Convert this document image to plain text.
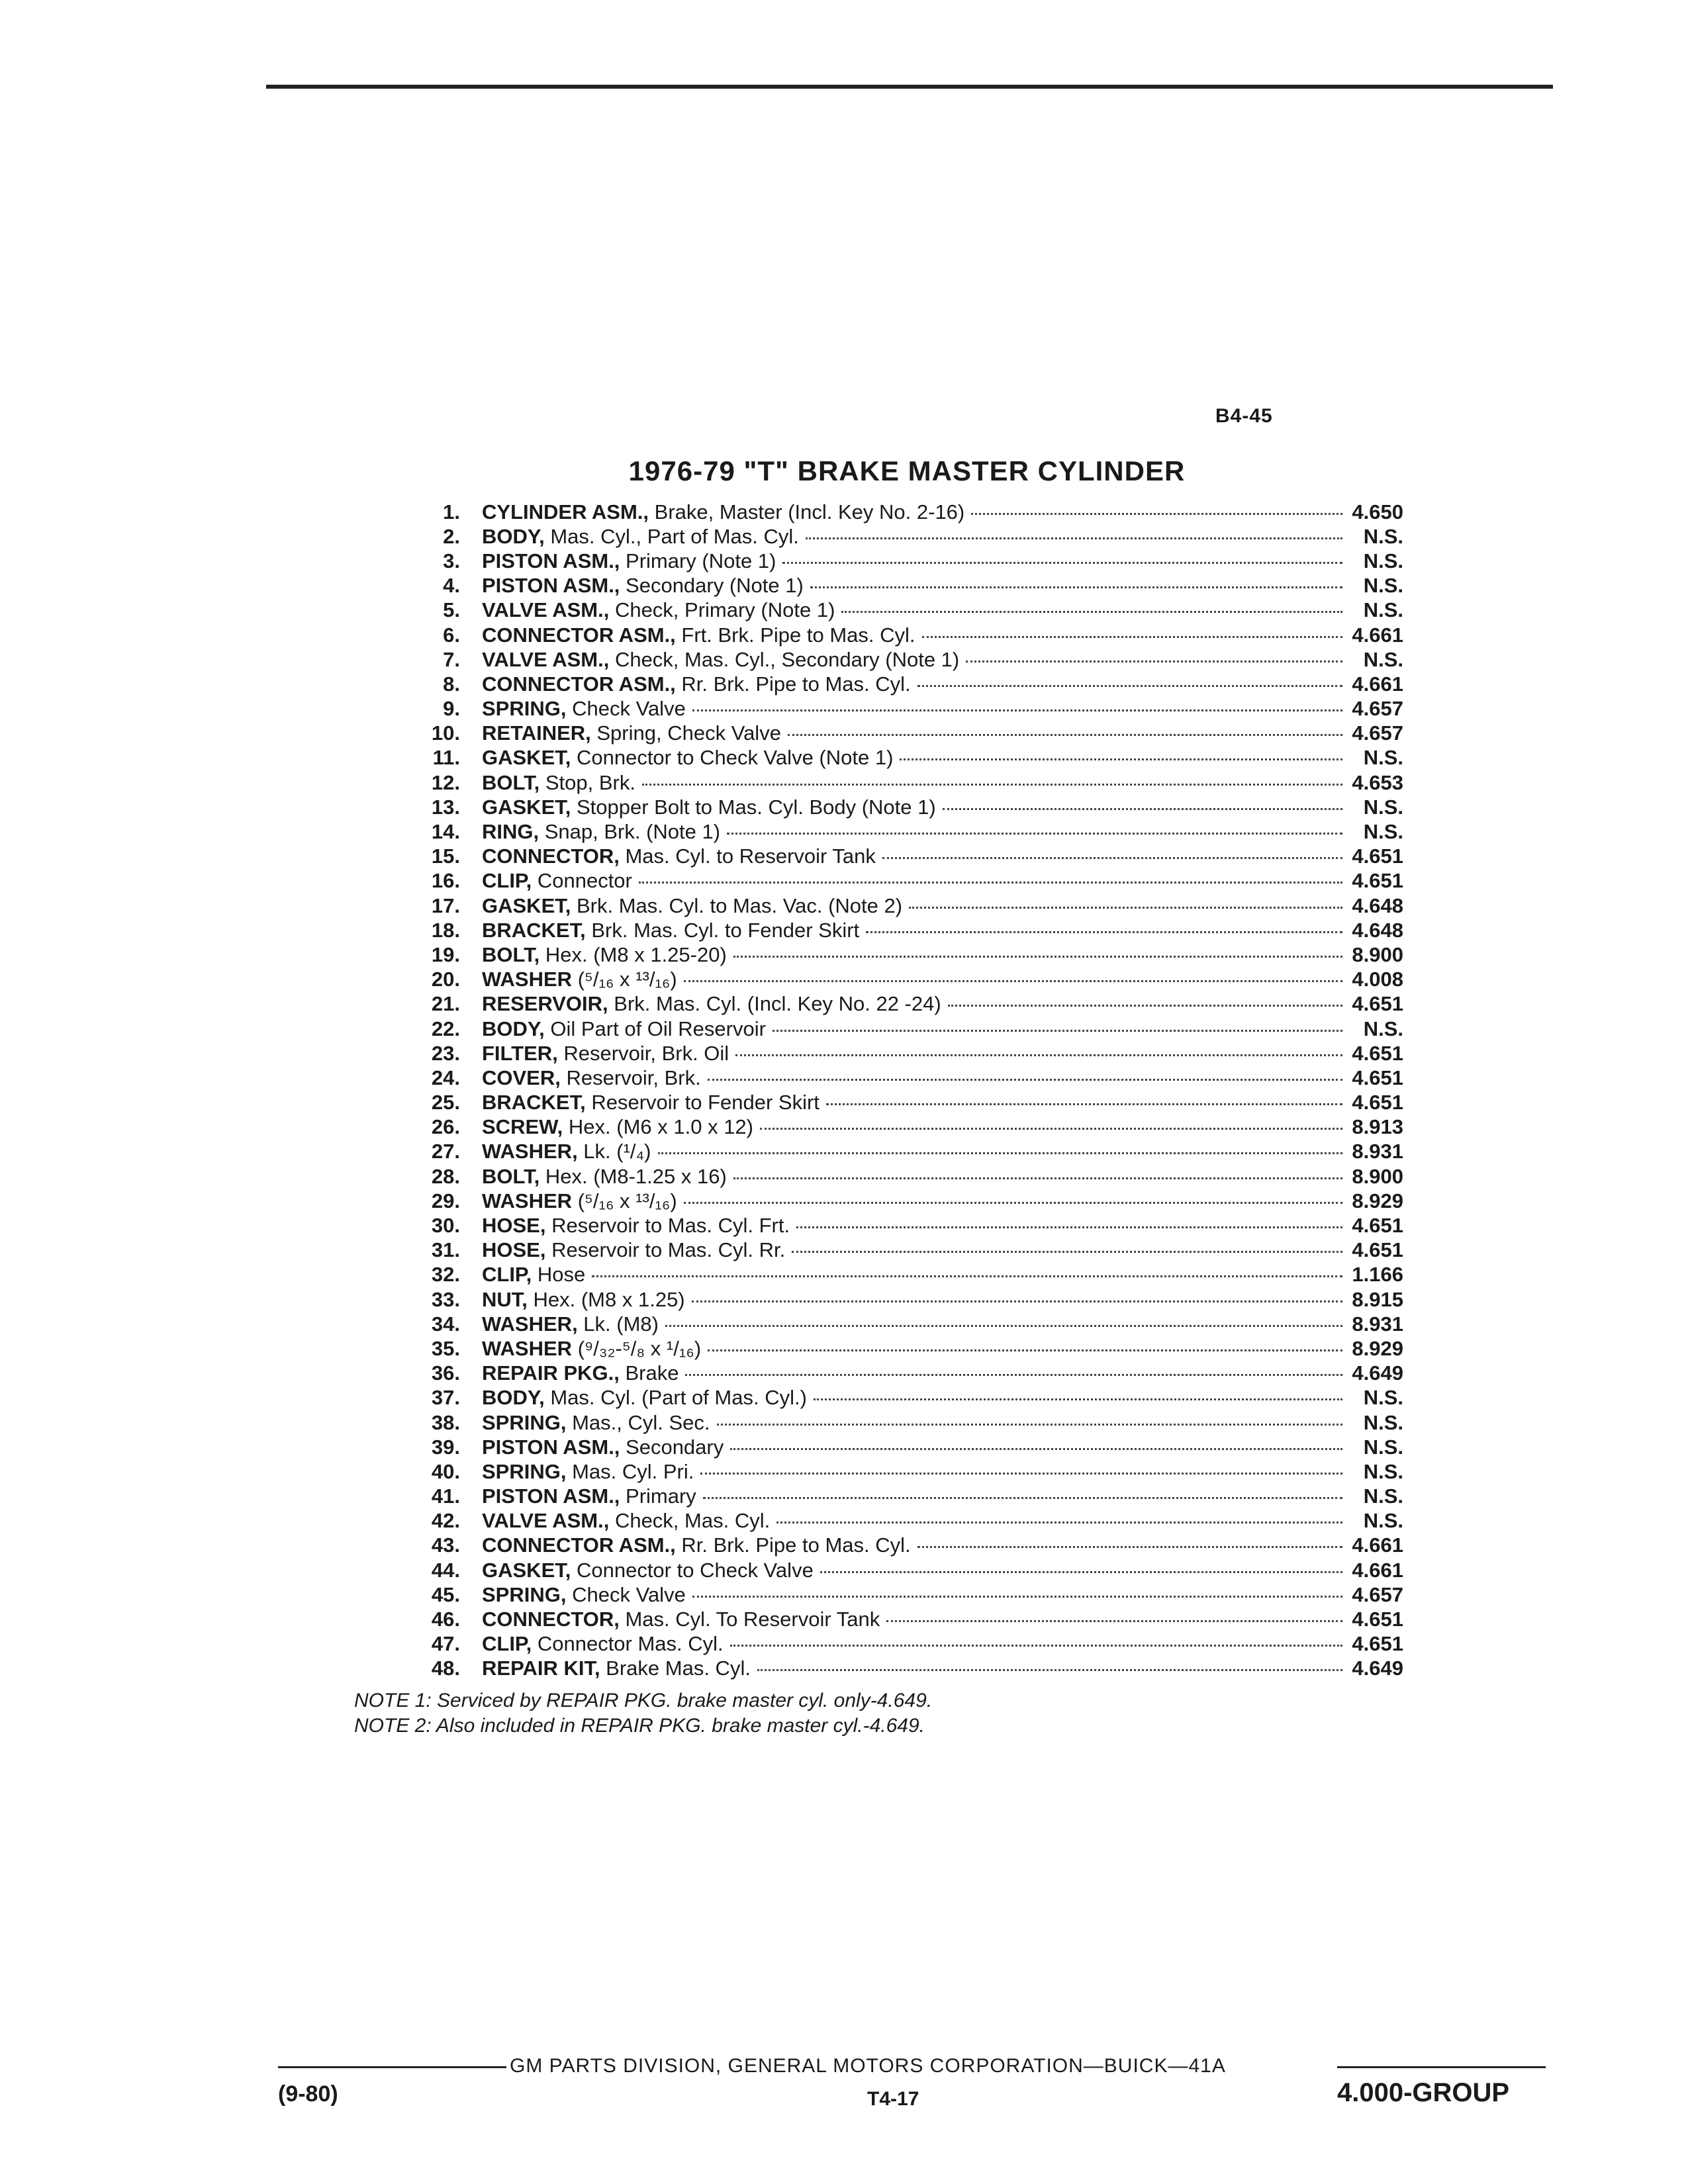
B4-45
1976-79 "T" BRAKE MASTER CYLINDER
1. CYLINDER ASM., Brake, Master (Incl. Key No. 2-16)	4.650
2. BODY, Mas. Cyl., Part of Mas. Cyl.	N.S.
3. PISTON ASM., Primary (Note 1)	N.S.
4. PISTON ASM., Secondary (Note 1)	N.S.
5. VALVE ASM., Check, Primary (Note 1)	N.S.
6. CONNECTOR ASM., Frt. Brk. Pipe to Mas. Cyl.	4.661
7. VALVE ASM., Check, Mas. Cyl., Secondary (Note 1)	N.S.
8. CONNECTOR ASM., Rr. Brk. Pipe to Mas. Cyl.	4.661
9. SPRING, Check Valve	4.657
10. RETAINER, Spring, Check Valve	4.657
11. GASKET, Connector to Check Valve (Note 1)	N.S.
12. BOLT, Stop, Brk.	4.653
13. GASKET, Stopper Bolt to Mas. Cyl. Body (Note 1)	N.S.
14. RING, Snap, Brk. (Note 1)	N.S.
15. CONNECTOR, Mas. Cyl. to Reservoir Tank	4.651
16. CLIP, Connector	4.651
17. GASKET, Brk. Mas. Cyl. to Mas. Vac. (Note 2)	4.648
18. BRACKET, Brk. Mas. Cyl. to Fender Skirt	4.648
19. BOLT, Hex. (M8 x 1.25-20)	8.900
20. WASHER (⁵/₁₆ x ¹³/₁₆)	4.008
21. RESERVOIR, Brk. Mas. Cyl. (Incl. Key No. 22 -24)	4.651
22. BODY, Oil Part of Oil Reservoir	N.S.
23. FILTER, Reservoir, Brk. Oil	4.651
24. COVER, Reservoir, Brk.	4.651
25. BRACKET, Reservoir to Fender Skirt	4.651
26. SCREW, Hex. (M6 x 1.0 x 12)	8.913
27. WASHER, Lk. (¹/₄)	8.931
28. BOLT, Hex. (M8-1.25 x 16)	8.900
29. WASHER (⁵/₁₆ x ¹³/₁₆)	8.929
30. HOSE, Reservoir to Mas. Cyl. Frt.	4.651
31. HOSE, Reservoir to Mas. Cyl. Rr.	4.651
32. CLIP, Hose	1.166
33. NUT, Hex. (M8 x 1.25)	8.915
34. WASHER, Lk. (M8)	8.931
35. WASHER (⁹/₃₂-⁵/₈ x ¹/₁₆)	8.929
36. REPAIR PKG., Brake	4.649
37. BODY, Mas. Cyl. (Part of Mas. Cyl.)	N.S.
38. SPRING, Mas., Cyl. Sec.	N.S.
39. PISTON ASM., Secondary	N.S.
40. SPRING, Mas. Cyl. Pri.	N.S.
41. PISTON ASM., Primary	N.S.
42. VALVE ASM., Check, Mas. Cyl.	N.S.
43. CONNECTOR ASM., Rr. Brk. Pipe to Mas. Cyl.	4.661
44. GASKET, Connector to Check Valve	4.661
45. SPRING, Check Valve	4.657
46. CONNECTOR, Mas. Cyl. To Reservoir Tank	4.651
47. CLIP, Connector Mas. Cyl.	4.651
48. REPAIR KIT, Brake Mas. Cyl.	4.649
NOTE 1: Serviced by REPAIR PKG. brake master cyl. only-4.649.
NOTE 2: Also included in REPAIR PKG. brake master cyl.-4.649.
GM PARTS DIVISION, GENERAL MOTORS CORPORATION—BUICK—41A
(9-80)	T4-17	4.000-GROUP
